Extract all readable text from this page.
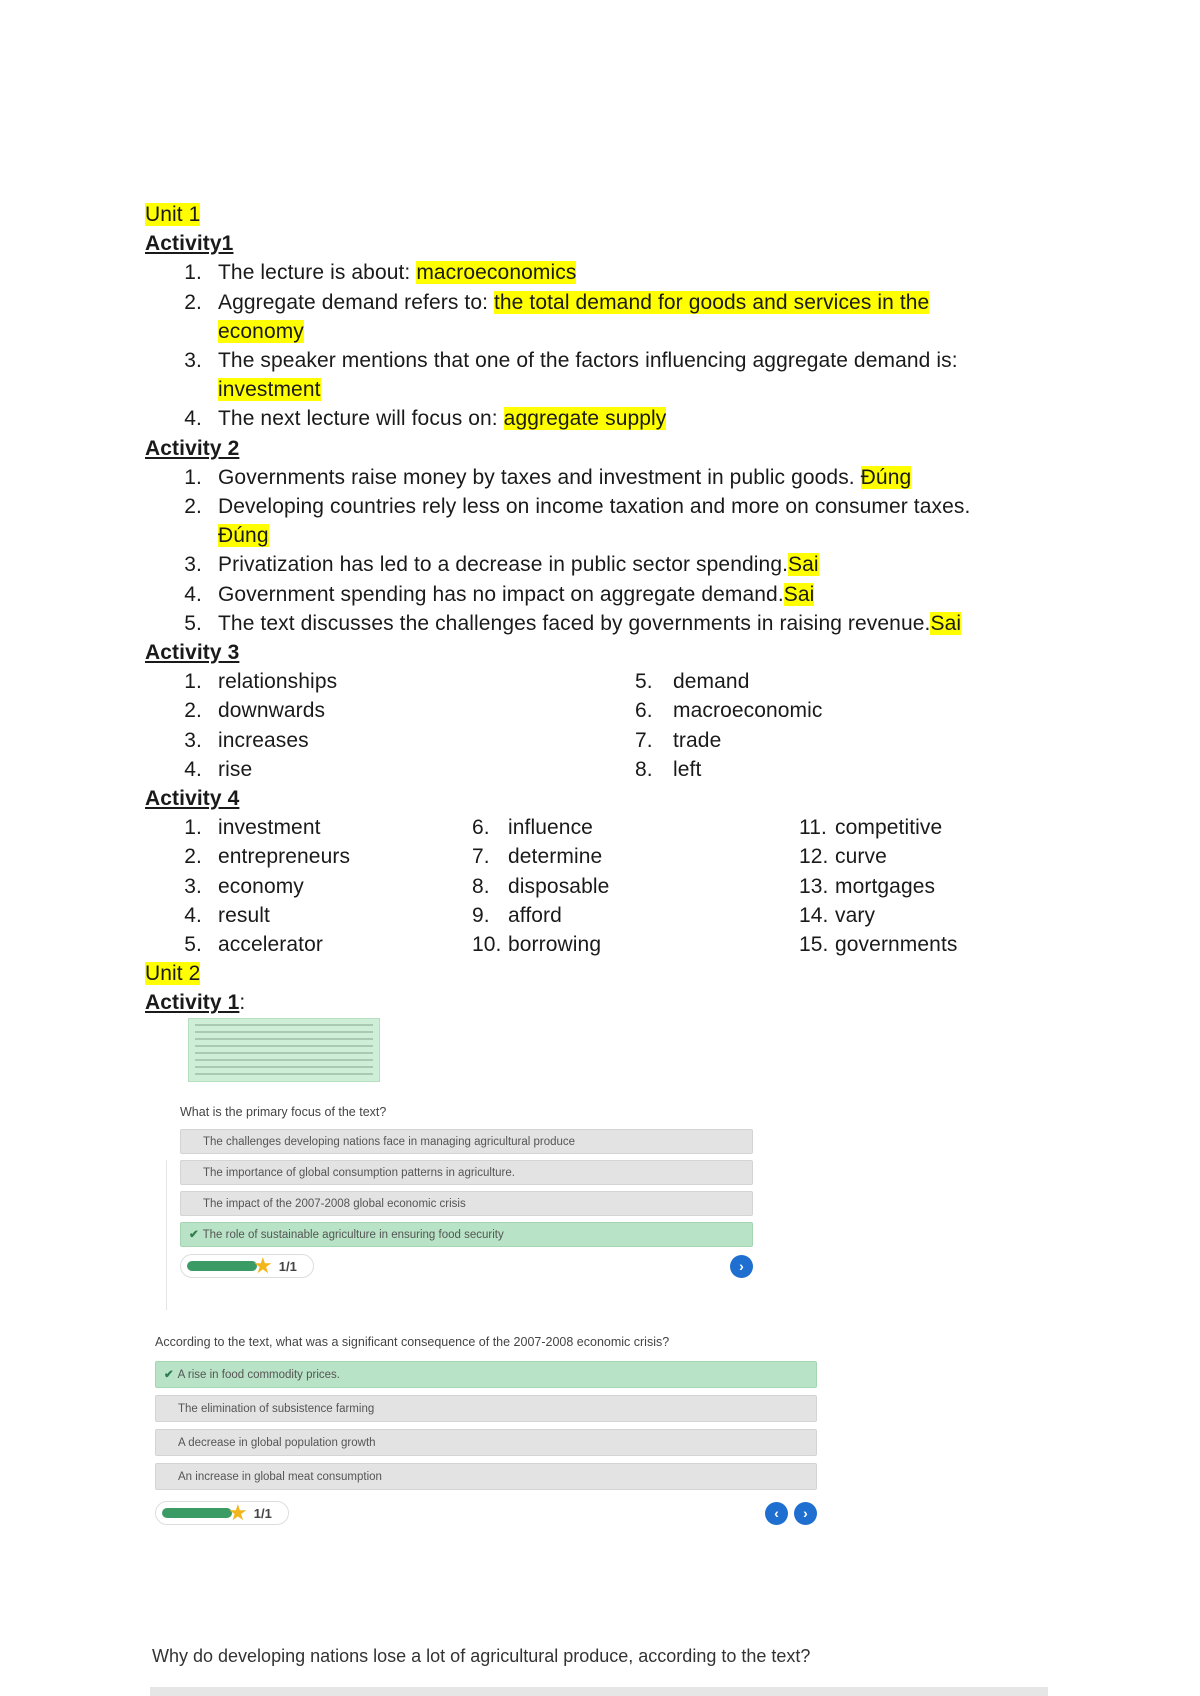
Unit 1
Activity1
1. The lecture is about: macroeconomics
2. Aggregate demand refers to: the total demand for goods and services in the
economy
3. The speaker mentions that one of the factors influencing aggregate demand is:
investment
4. The next lecture will focus on: aggregate supply
Activity 2
1. Governments raise money by taxes and investment in public goods. Đúng
2. Developing countries rely less on income taxation and more on consumer taxes.
Đúng
3. Privatization has led to a decrease in public sector spending.Sai
4. Government spending has no impact on aggregate demand.Sai
5. The text discusses the challenges faced by governments in raising revenue.Sai
Activity 3
1. relationships
2. downwards
3. increases
4. rise
5. demand
6. macroeconomic
7. trade
8. left
Activity 4
1. investment
2. entrepreneurs
3. economy
4. result
5. accelerator
6. influence
7. determine
8. disposable
9. afford
10. borrowing
11. competitive
12. curve
13. mortgages
14. vary
15. governments
Unit 2
Activity 1:
What is the primary focus of the text?
The challenges developing nations face in managing agricultural produce
The importance of global consumption patterns in agriculture.
The impact of the 2007-2008 global economic crisis
✔ The role of sustainable agriculture in ensuring food security
★ 1/1	›
According to the text, what was a significant consequence of the 2007-2008 economic crisis?
✔ A rise in food commodity prices.
The elimination of subsistence farming
A decrease in global population growth
An increase in global meat consumption
★ 1/1	‹	›
Why do developing nations lose a lot of agricultural produce, according to the text?
